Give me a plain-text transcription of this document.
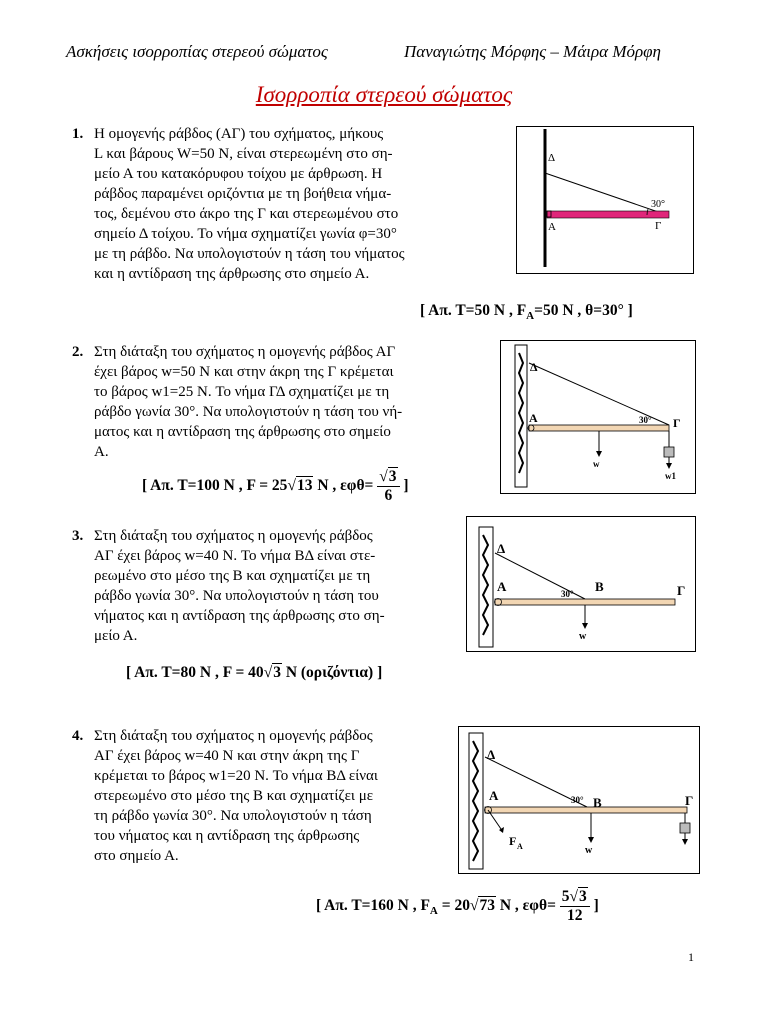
Ασκήσεις ισορροπίας στερεού σώματος	Παναγιώτης Μόρφης – Μάιρα Μόρφη
Ισορροπία στερεού σώματος
1. Η ομογενής ράβδος (ΑΓ) του σχήματος, μήκους

L και βάρους W=50 N, είναι στερεωμένη στο ση-

μείο Α του κατακόρυφου τοίχου με άρθρωση. Η

ράβδος παραμένει οριζόντια με τη βοήθεια νήμα-

τος, δεμένου στο άκρο της Γ και στερεωμένου στο

σημείο Δ τοίχου. Το νήμα σχηματίζει γωνία φ=30°

με τη ράβδο. Να υπολογιστούν η τάση του νήματος

και η αντίδραση της άρθρωσης στο σημείο Α.

Δ
Α	Γ
30°
[ Απ. Τ=50 Ν , $F_A=50$ Ν , θ=30° ]
2. Στη διάταξη του σχήματος η ομογενής ράβδος ΑΓ

έχει βάρος w=50 N και στην άκρη της Γ κρέμεται

το βάρος w1=25 N. Το νήμα ΓΔ σχηματίζει με τη

ράβδο γωνία 30°. Να υπολογιστούν η τάση του νή-

ματος και η αντίδραση της άρθρωσης στο σημείο

Α.

Δ
Α	Γ
30°
w
w1
[ Απ. Τ=100 Ν , F = 25√13 N , $\varepsilon\varphi\theta= \frac{√3}{6}$ ]
3. Στη διάταξη του σχήματος η ομογενής ράβδος

ΑΓ έχει βάρος w=40 N. Το νήμα ΒΔ είναι στε-

ρεωμένο στο μέσο της Β και σχηματίζει με τη

ράβδο γωνία 30°. Να υπολογιστούν η τάση του

νήματος και η αντίδραση της άρθρωσης στο ση-

μείο Α.

Δ
Α	Β	Γ
30°
w
[ Απ. Τ=80 Ν , F = 40√3 N (οριζόντια) ]
4. Στη διάταξη του σχήματος η ομογενής ράβδος

ΑΓ έχει βάρος w=40 N και στην άκρη της Γ

κρέμεται το βάρος w1=20 N. Το νήμα ΒΔ είναι

στερεωμένο στο μέσο της Β και σχηματίζει με

τη ράβδο γωνία 30°. Να υπολογιστούν η τάση

του νήματος και η αντίδραση της άρθρωσης

στο σημείο Α.

Δ
Α	Β	Γ
30°
F Α	w
[ Απ. Τ=160 Ν , $F_A = 20√73$ N , $\varepsilon\varphi\theta= \frac{5√3}{12}$ ]
1
